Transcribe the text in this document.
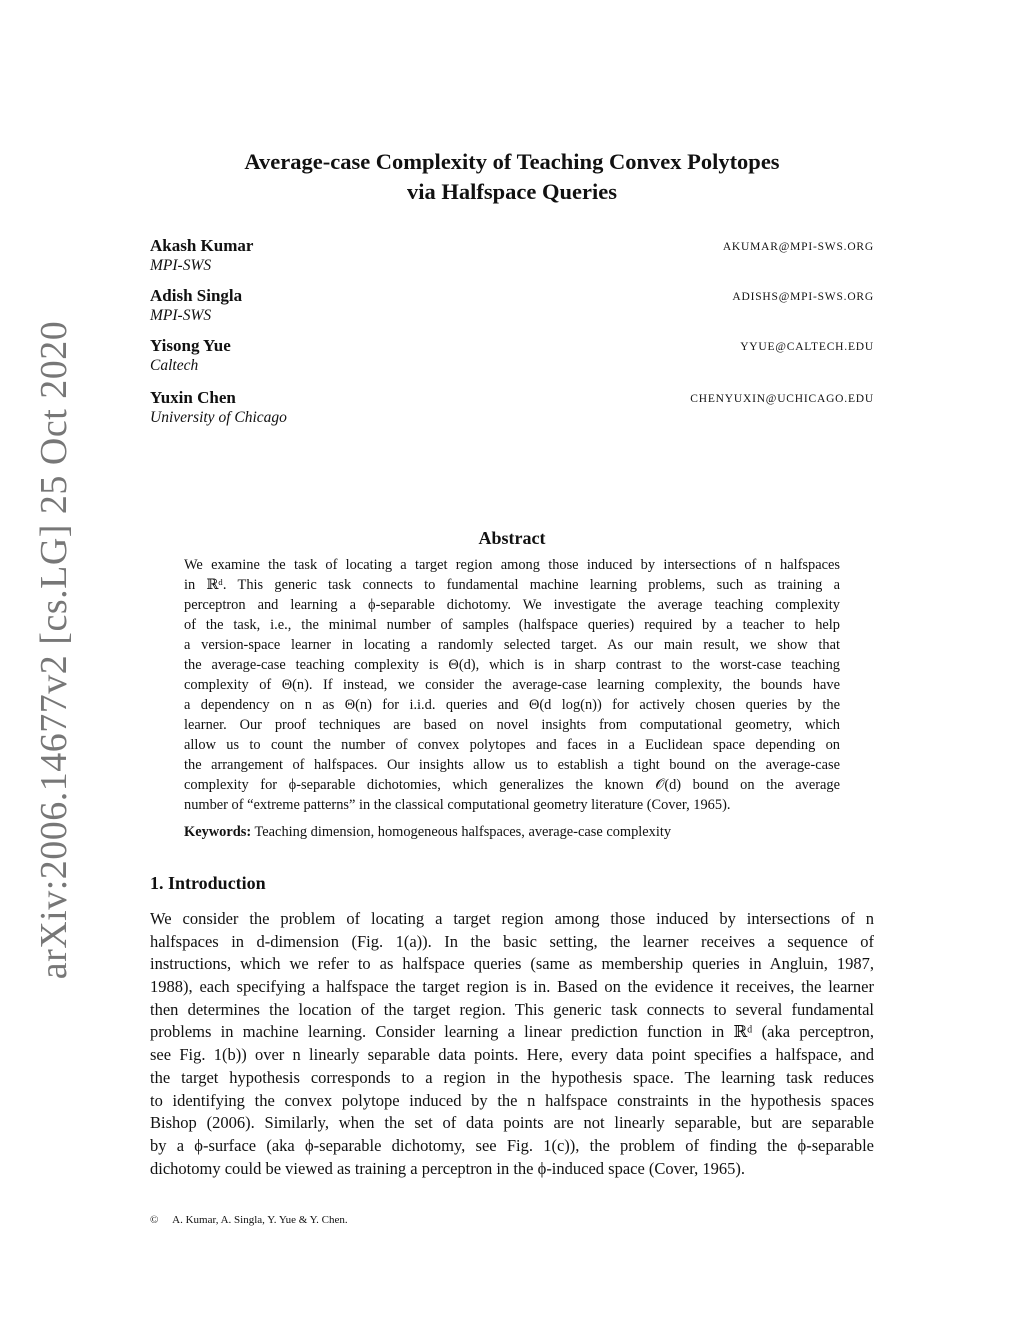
arXiv:2006.14677v2 [cs.LG] 25 Oct 2020
Average-case Complexity of Teaching Convex Polytopes
via Halfspace Queries
Akash Kumar
MPI-SWS
AKUMAR@MPI-SWS.ORG
Adish Singla
MPI-SWS
ADISHS@MPI-SWS.ORG
Yisong Yue
Caltech
YYUE@CALTECH.EDU
Yuxin Chen
University of Chicago
CHENYUXIN@UCHICAGO.EDU
Abstract
We examine the task of locating a target region among those induced by intersections of n halfspaces
in ℝᵈ. This generic task connects to fundamental machine learning problems, such as training a
perceptron and learning a ϕ-separable dichotomy. We investigate the average teaching complexity
of the task, i.e., the minimal number of samples (halfspace queries) required by a teacher to help
a version-space learner in locating a randomly selected target. As our main result, we show that
the average-case teaching complexity is Θ(d), which is in sharp contrast to the worst-case teaching
complexity of Θ(n). If instead, we consider the average-case learning complexity, the bounds have
a dependency on n as Θ(n) for i.i.d. queries and Θ(d log(n)) for actively chosen queries by the
learner. Our proof techniques are based on novel insights from computational geometry, which
allow us to count the number of convex polytopes and faces in a Euclidean space depending on
the arrangement of halfspaces. Our insights allow us to establish a tight bound on the average-case
complexity for ϕ-separable dichotomies, which generalizes the known 𝒪(d) bound on the average
number of “extreme patterns” in the classical computational geometry literature (Cover, 1965).
Keywords: Teaching dimension, homogeneous halfspaces, average-case complexity
1. Introduction
We consider the problem of locating a target region among those induced by intersections of n
halfspaces in d-dimension (Fig. 1(a)). In the basic setting, the learner receives a sequence of
instructions, which we refer to as halfspace queries (same as membership queries in Angluin, 1987,
1988), each specifying a halfspace the target region is in. Based on the evidence it receives, the learner
then determines the location of the target region. This generic task connects to several fundamental
problems in machine learning. Consider learning a linear prediction function in ℝᵈ (aka perceptron,
see Fig. 1(b)) over n linearly separable data points. Here, every data point specifies a halfspace, and
the target hypothesis corresponds to a region in the hypothesis space. The learning task reduces
to identifying the convex polytope induced by the n halfspace constraints in the hypothesis spaces
Bishop (2006). Similarly, when the set of data points are not linearly separable, but are separable
by a ϕ-surface (aka ϕ-separable dichotomy, see Fig. 1(c)), the problem of finding the ϕ-separable
dichotomy could be viewed as training a perceptron in the ϕ-induced space (Cover, 1965).
© A. Kumar, A. Singla, Y. Yue & Y. Chen.
